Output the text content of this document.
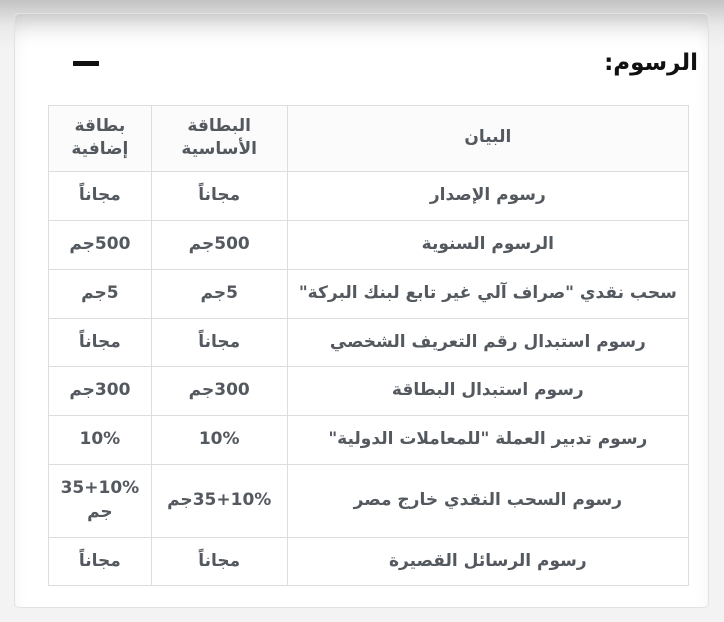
الرسوم:
البيان	البطاقة الأساسية	بطاقة إضافية
رسوم الإصدار	مجاناً	مجاناً
الرسوم السنوية	500جم	500جم
سحب نقدي "صراف آلي غير تابع لبنك البركة"	5جم	5جم
رسوم استبدال رقم التعريف الشخصي	مجاناً	مجاناً
رسوم استبدال البطاقة	300جم	300جم
رسوم تدبير العملة "للمعاملات الدولية"	10%	10%
رسوم السحب النقدي خارج مصر	10%+35جم	10%+35جم
رسوم الرسائل القصيرة	مجاناً	مجاناً
